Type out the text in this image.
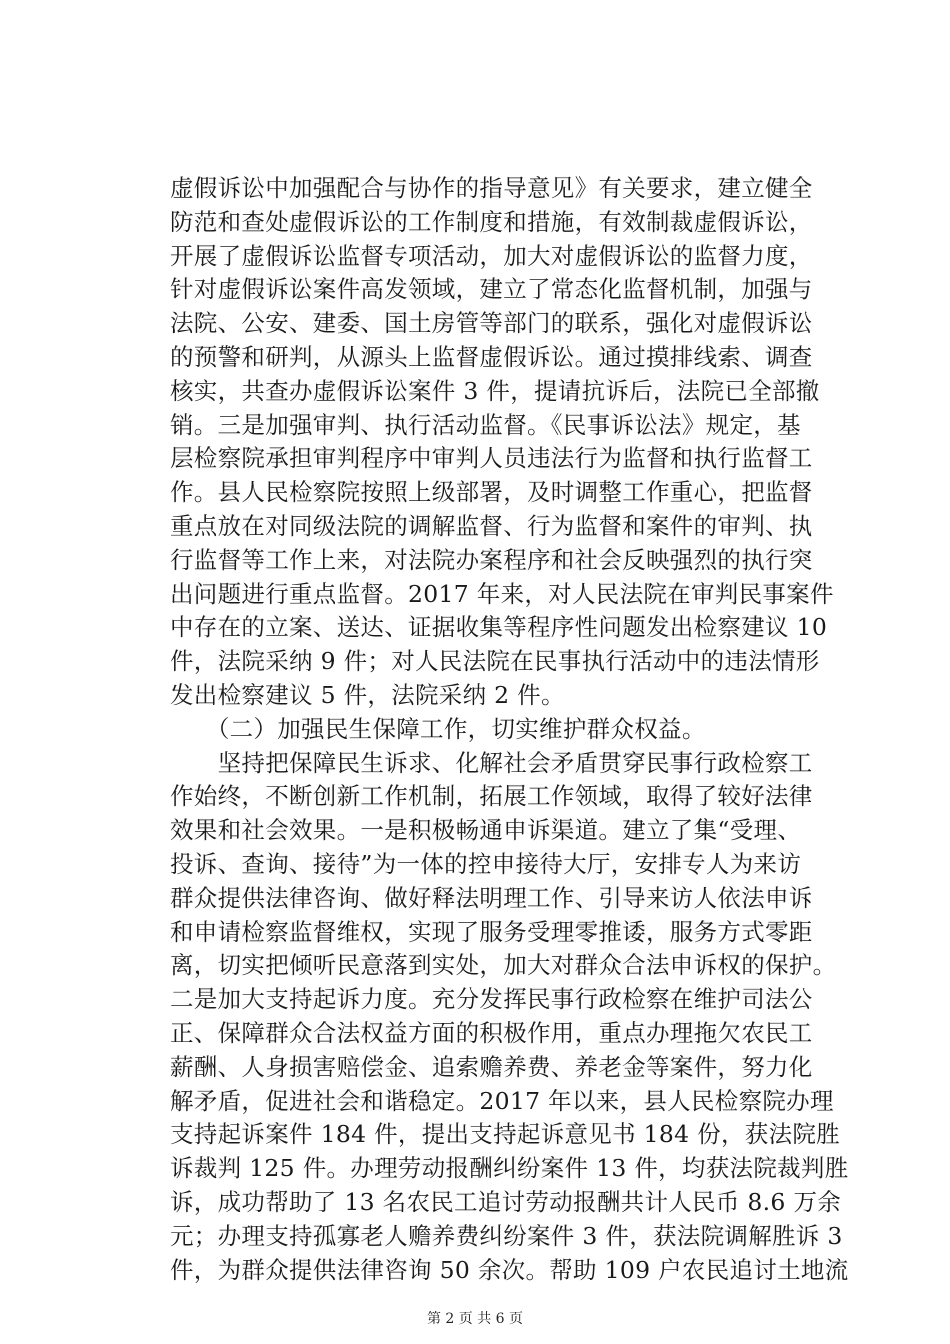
虚假诉讼中加强配合与协作的指导意见》有关要求，建立健全
防范和查处虚假诉讼的工作制度和措施，有效制裁虚假诉讼，
开展了虚假诉讼监督专项活动，加大对虚假诉讼的监督力度，
针对虚假诉讼案件高发领域，建立了常态化监督机制，加强与
法院、公安、建委、国土房管等部门的联系，强化对虚假诉讼
的预警和研判，从源头上监督虚假诉讼。通过摸排线索、调查
核实，共查办虚假诉讼案件 3 件，提请抗诉后，法院已全部撤
销。三是加强审判、执行活动监督。《民事诉讼法》规定，基
层检察院承担审判程序中审判人员违法行为监督和执行监督工
作。县人民检察院按照上级部署，及时调整工作重心，把监督
重点放在对同级法院的调解监督、行为监督和案件的审判、执
行监督等工作上来，对法院办案程序和社会反映强烈的执行突
出问题进行重点监督。2017 年来，对人民法院在审判民事案件
中存在的立案、送达、证据收集等程序性问题发出检察建议 10
件，法院采纳 9 件；对人民法院在民事执行活动中的违法情形
发出检察建议 5 件，法院采纳 2 件。
　　（二）加强民生保障工作，切实维护群众权益。
　　坚持把保障民生诉求、化解社会矛盾贯穿民事行政检察工
作始终，不断创新工作机制，拓展工作领域，取得了较好法律
效果和社会效果。一是积极畅通申诉渠道。建立了集“受理、
投诉、查询、接待”为一体的控申接待大厅，安排专人为来访
群众提供法律咨询、做好释法明理工作、引导来访人依法申诉
和申请检察监督维权，实现了服务受理零推诿，服务方式零距
离，切实把倾听民意落到实处，加大对群众合法申诉权的保护。
二是加大支持起诉力度。充分发挥民事行政检察在维护司法公
正、保障群众合法权益方面的积极作用，重点办理拖欠农民工
薪酬、人身损害赔偿金、追索赡养费、养老金等案件，努力化
解矛盾，促进社会和谐稳定。2017 年以来，县人民检察院办理
支持起诉案件 184 件，提出支持起诉意见书 184 份，获法院胜
诉裁判 125 件。办理劳动报酬纠纷案件 13 件，均获法院裁判胜
诉，成功帮助了 13 名农民工追讨劳动报酬共计人民币 8.6 万余
元；办理支持孤寡老人赡养费纠纷案件 3 件，获法院调解胜诉 3
件，为群众提供法律咨询 50 余次。帮助 109 户农民追讨土地流
第 2 页 共 6 页
